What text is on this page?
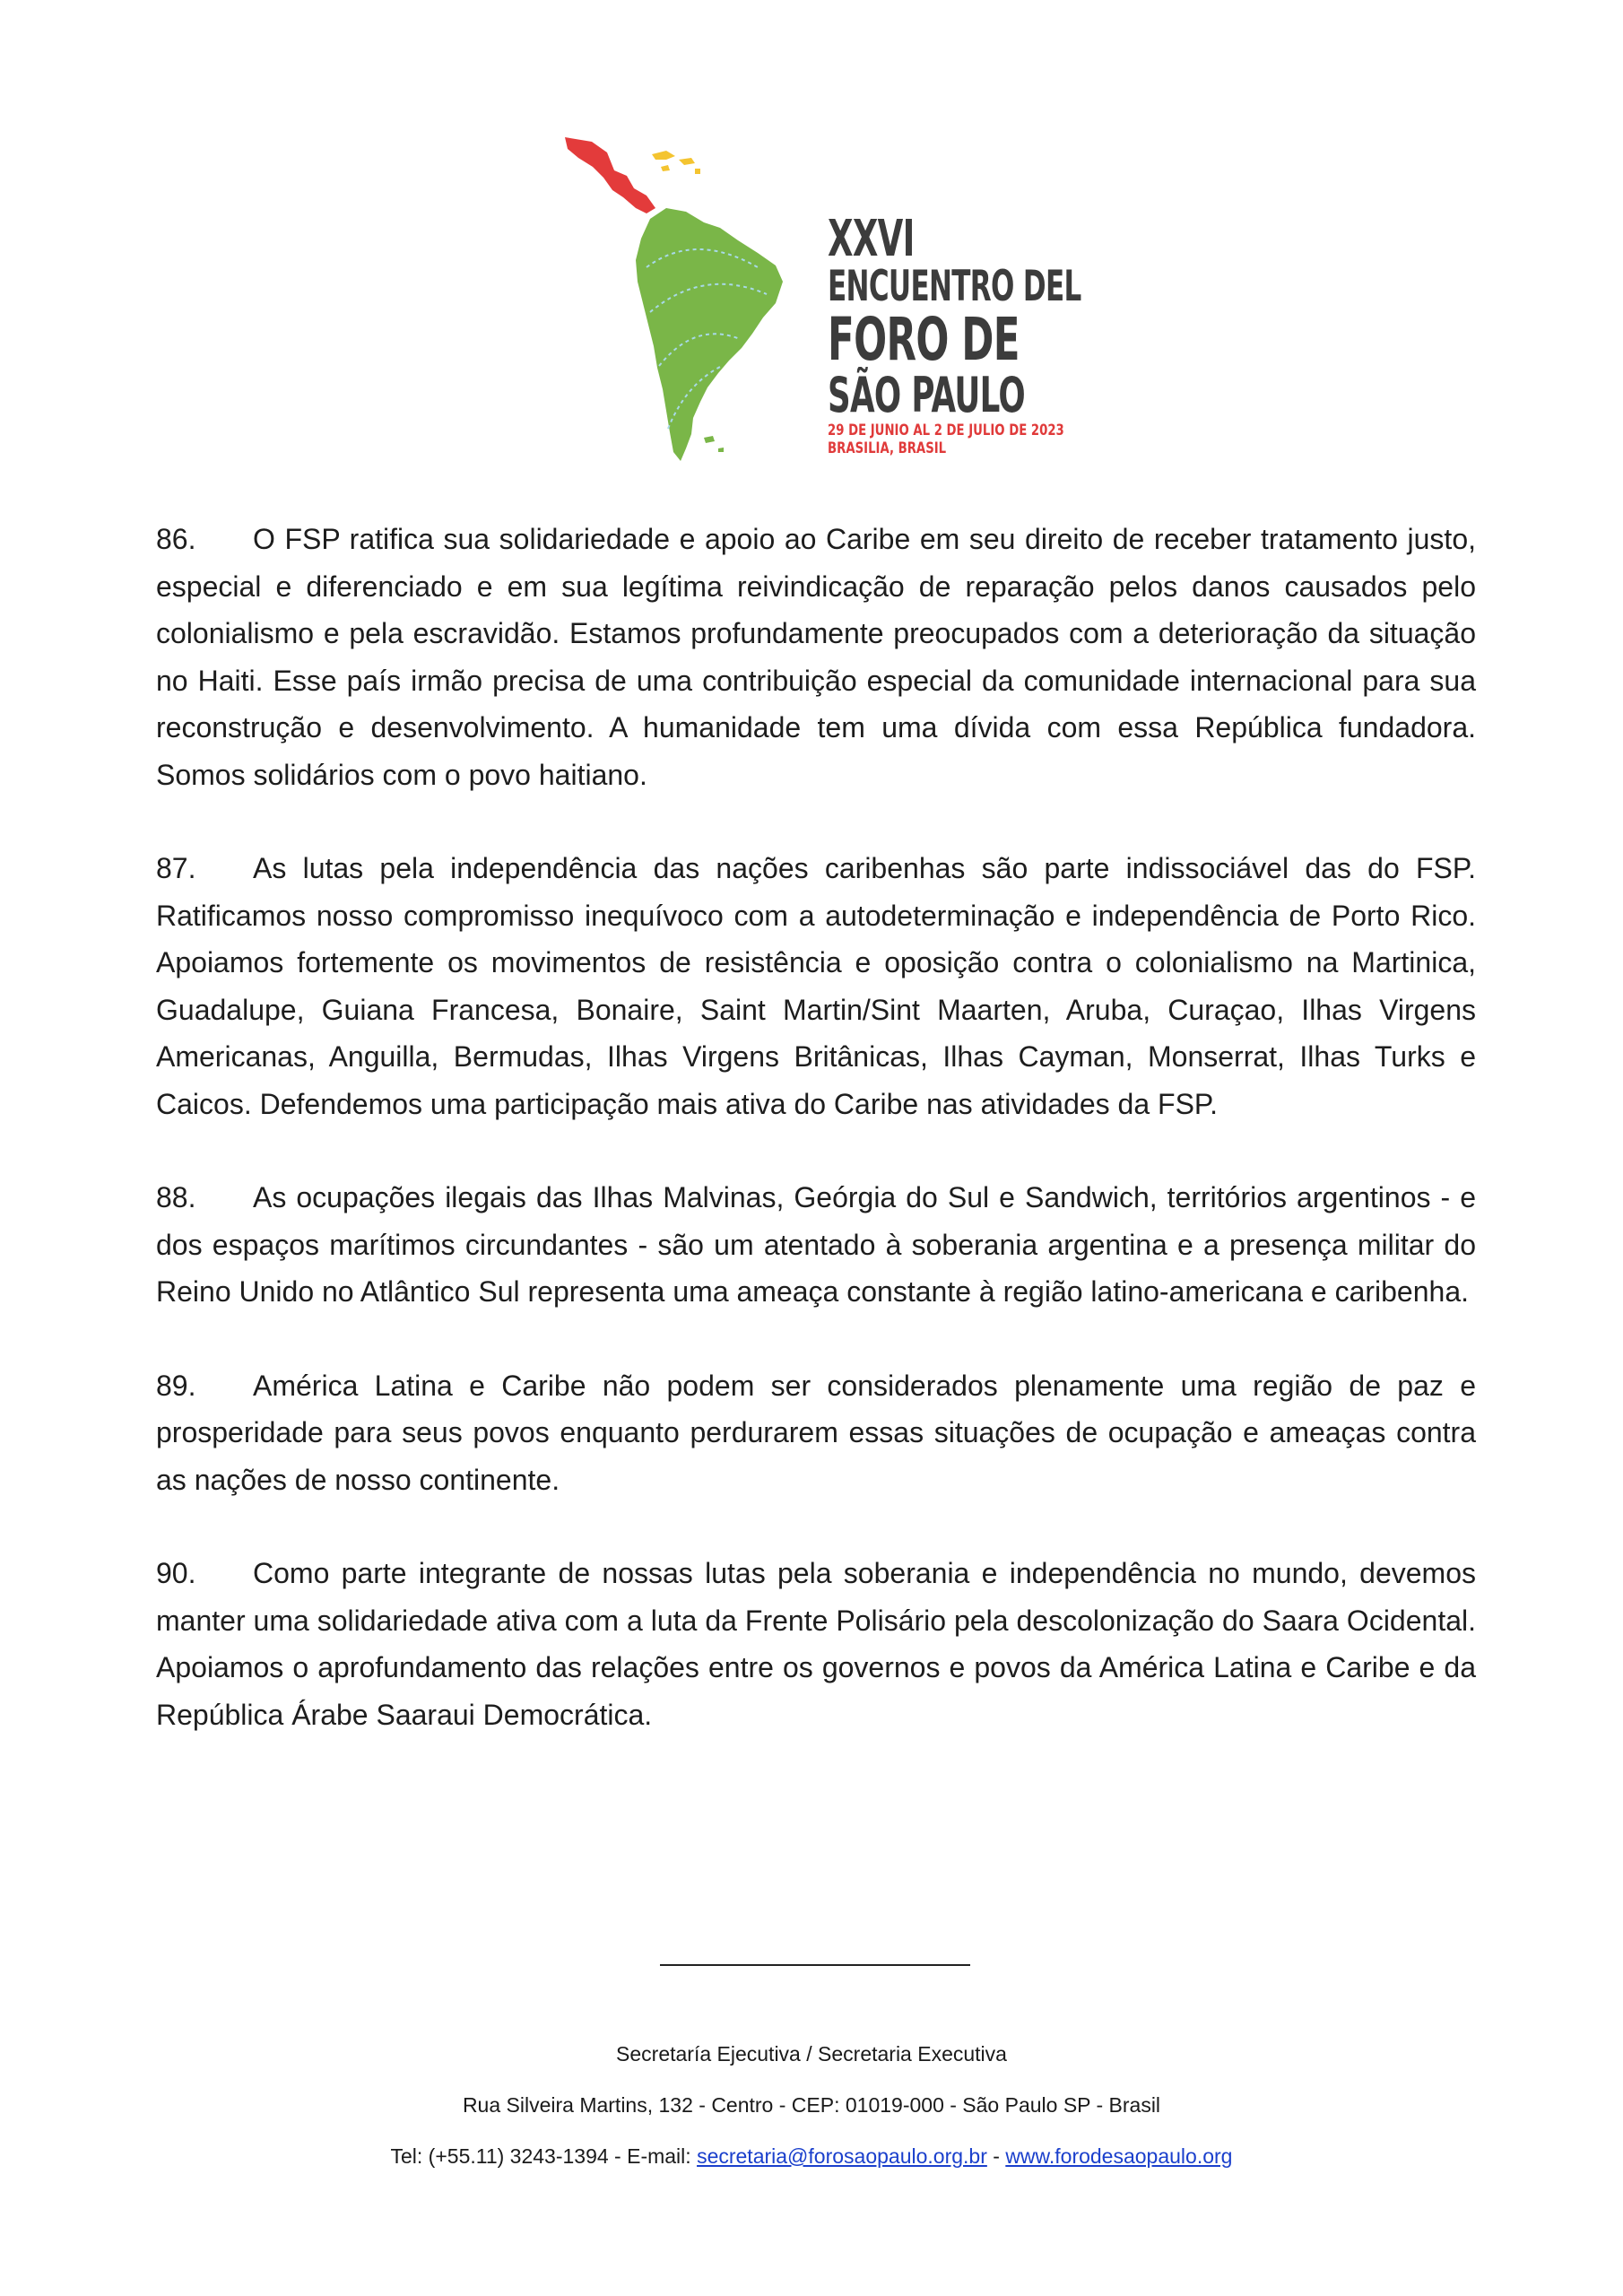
XXVI
ENCUENTRO DEL
FORO DE
SÃO PAULO
29 DE JUNIO AL 2 DE JULIO DE 2023
BRASILIA, BRASIL

86. O FSP ratifica sua solidariedade e apoio ao Caribe em seu direito de receber tratamento justo, especial e diferenciado e em sua legítima reivindicação de reparação pelos danos causados pelo colonialismo e pela escravidão. Estamos profundamente preocupados com a deterioração da situação no Haiti. Esse país irmão precisa de uma contribuição especial da comunidade internacional para sua reconstrução e desenvolvimento. A humanidade tem uma dívida com essa República fundadora. Somos solidários com o povo haitiano.

87. As lutas pela independência das nações caribenhas são parte indissociável das do FSP. Ratificamos nosso compromisso inequívoco com a autodeterminação e independência de Porto Rico. Apoiamos fortemente os movimentos de resistência e oposição contra o colonialismo na Martinica, Guadalupe, Guiana Francesa, Bonaire, Saint Martin/Sint Maarten, Aruba, Curaçao, Ilhas Virgens Americanas, Anguilla, Bermudas, Ilhas Virgens Britânicas, Ilhas Cayman, Monserrat, Ilhas Turks e Caicos. Defendemos uma participação mais ativa do Caribe nas atividades da FSP.

88. As ocupações ilegais das Ilhas Malvinas, Geórgia do Sul e Sandwich, territórios argentinos - e dos espaços marítimos circundantes - são um atentado à soberania argentina e a presença militar do Reino Unido no Atlântico Sul representa uma ameaça constante à região latino-americana e caribenha.

89. América Latina e Caribe não podem ser considerados plenamente uma região de paz e prosperidade para seus povos enquanto perdurarem essas situações de ocupação e ameaças contra as nações de nosso continente.

90. Como parte integrante de nossas lutas pela soberania e independência no mundo, devemos manter uma solidariedade ativa com a luta da Frente Polisário pela descolonização do Saara Ocidental. Apoiamos o aprofundamento das relações entre os governos e povos da América Latina e Caribe e da República Árabe Saaraui Democrática.

Secretaría Ejecutiva / Secretaria Executiva
Rua Silveira Martins, 132 - Centro - CEP: 01019-000 - São Paulo SP - Brasil
Tel: (+55.11) 3243-1394 - E-mail: secretaria@forosaopaulo.org.br - www.forodesaopaulo.org
